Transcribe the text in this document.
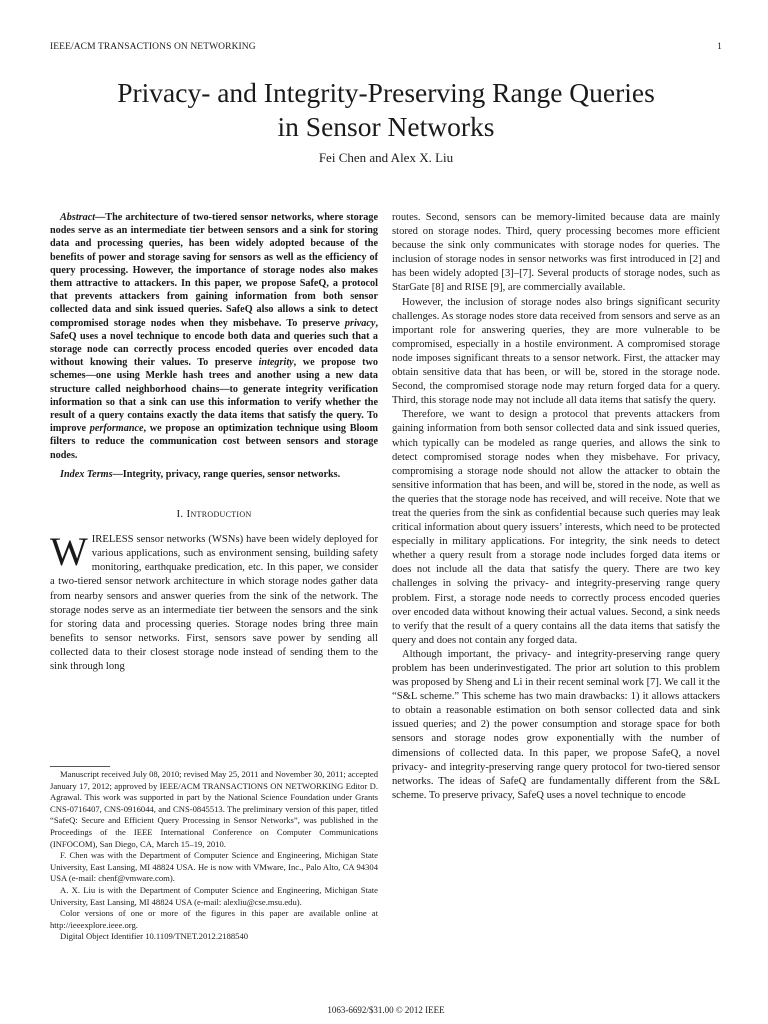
IEEE/ACM TRANSACTIONS ON NETWORKING	1
Privacy- and Integrity-Preserving Range Queries
in Sensor Networks
Fei Chen and Alex X. Liu

Abstract—The architecture of two-tiered sensor networks, where storage nodes serve as an intermediate tier between sensors and a sink for storing data and processing queries, has been widely adopted because of the benefits of power and storage saving for sensors as well as the efficiency of query processing. However, the importance of storage nodes also makes them attractive to attackers. In this paper, we propose SafeQ, a protocol that prevents attackers from gaining information from both sensor collected data and sink issued queries. SafeQ also allows a sink to detect compromised storage nodes when they misbehave. To preserve privacy, SafeQ uses a novel technique to encode both data and queries such that a storage node can correctly process encoded queries over encoded data without knowing their values. To preserve integrity, we propose two schemes—one using Merkle hash trees and another using a new data structure called neighborhood chains—to generate integrity verification information so that a sink can use this information to verify whether the result of a query contains exactly the data items that satisfy the query. To improve performance, we propose an optimization technique using Bloom filters to reduce the communication cost between sensors and storage nodes.

Index Terms—Integrity, privacy, range queries, sensor networks.

I. Introduction

WIRELESS sensor networks (WSNs) have been widely deployed for various applications, such as environment sensing, building safety monitoring, earthquake predication, etc. In this paper, we consider a two-tiered sensor network architecture in which storage nodes gather data from nearby sensors and answer queries from the sink of the network. The storage nodes serve as an intermediate tier between the sensors and the sink for storing data and processing queries. Storage nodes bring three main benefits to sensor networks. First, sensors save power by sending all collected data to their closest storage node instead of sending them to the sink through long

Manuscript received July 08, 2010; revised May 25, 2011 and November 30, 2011; accepted January 17, 2012; approved by IEEE/ACM TRANSACTIONS ON NETWORKING Editor D. Agrawal. This work was supported in part by the National Science Foundation under Grants CNS-0716407, CNS-0916044, and CNS-0845513. The preliminary version of this paper, titled “SafeQ: Secure and Efficient Query Processing in Sensor Networks”, was published in the Proceedings of the IEEE International Conference on Computer Communications (INFOCOM), San Diego, CA, March 15–19, 2010.

F. Chen was with the Department of Computer Science and Engineering, Michigan State University, East Lansing, MI 48824 USA. He is now with VMware, Inc., Palo Alto, CA 94304 USA (e-mail: chenf@vmware.com).

A. X. Liu is with the Department of Computer Science and Engineering, Michigan State University, East Lansing, MI 48824 USA (e-mail: alexliu@cse.msu.edu).

Color versions of one or more of the figures in this paper are available online at http://ieeexplore.ieee.org.

Digital Object Identifier 10.1109/TNET.2012.2188540

routes. Second, sensors can be memory-limited because data are mainly stored on storage nodes. Third, query processing becomes more efficient because the sink only communicates with storage nodes for queries. The inclusion of storage nodes in sensor networks was first introduced in [2] and has been widely adopted [3]–[7]. Several products of storage nodes, such as StarGate [8] and RISE [9], are commercially available.

However, the inclusion of storage nodes also brings significant security challenges. As storage nodes store data received from sensors and serve as an important role for answering queries, they are more vulnerable to be compromised, especially in a hostile environment. A compromised storage node imposes significant threats to a sensor network. First, the attacker may obtain sensitive data that has been, or will be, stored in the storage node. Second, the compromised storage node may return forged data for a query. Third, this storage node may not include all data items that satisfy the query.

Therefore, we want to design a protocol that prevents attackers from gaining information from both sensor collected data and sink issued queries, which typically can be modeled as range queries, and allows the sink to detect compromised storage nodes when they misbehave. For privacy, compromising a storage node should not allow the attacker to obtain the sensitive information that has been, and will be, stored in the node, as well as the queries that the storage node has received, and will receive. Note that we treat the queries from the sink as confidential because such queries may leak critical information about query issuers’ interests, which need to be protected especially in military applications. For integrity, the sink needs to detect whether a query result from a storage node includes forged data items or does not include all the data that satisfy the query. There are two key challenges in solving the privacy- and integrity-preserving range query problem. First, a storage node needs to correctly process encoded queries over encoded data without knowing their actual values. Second, a sink needs to verify that the result of a query contains all the data items that satisfy the query and does not contain any forged data.

Although important, the privacy- and integrity-preserving range query problem has been underinvestigated. The prior art solution to this problem was proposed by Sheng and Li in their recent seminal work [7]. We call it the “S&L scheme.” This scheme has two main drawbacks: 1) it allows attackers to obtain a reasonable estimation on both sensor collected data and sink issued queries; and 2) the power consumption and storage space for both sensors and storage nodes grow exponentially with the number of dimensions of collected data. In this paper, we propose SafeQ, a novel privacy- and integrity-preserving range query protocol for two-tiered sensor networks. The ideas of SafeQ are fundamentally different from the S&L scheme. To preserve privacy, SafeQ uses a novel technique to encode

1063-6692/$31.00 © 2012 IEEE
